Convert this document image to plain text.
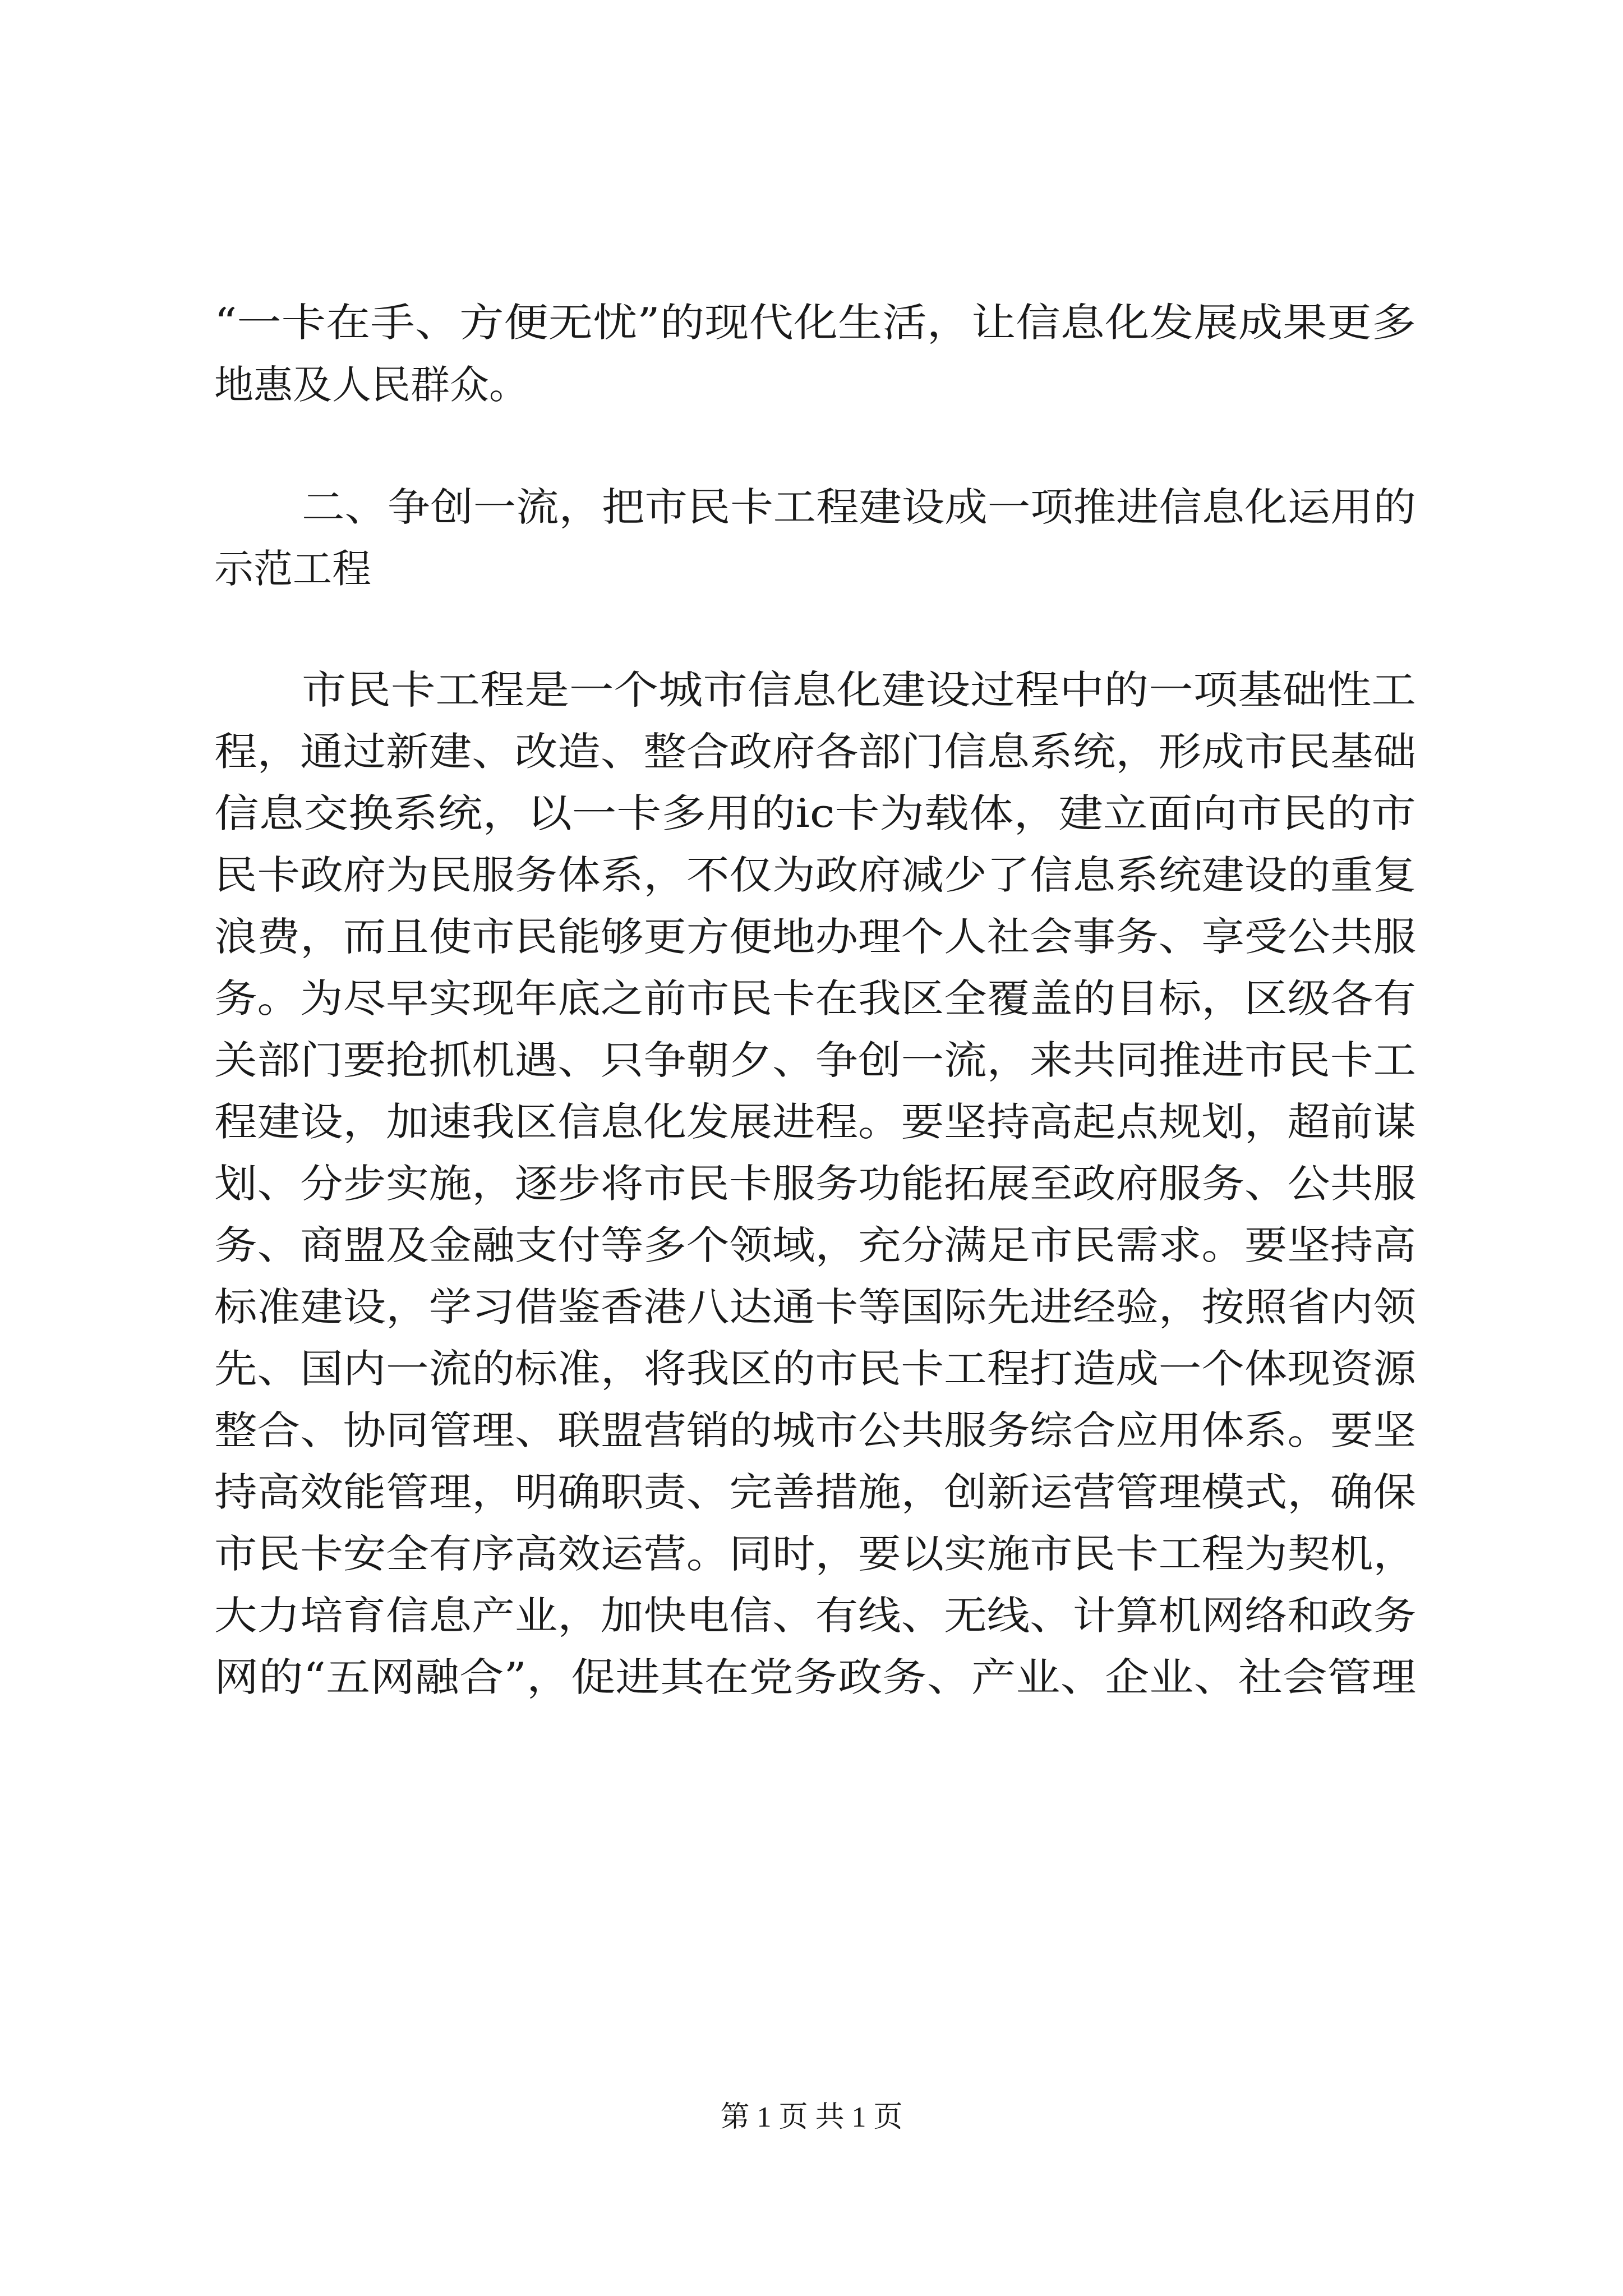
“一卡在手、方便无忧”的现代化生活，让信息化发展成果更多
地惠及人民群众。
二、争创一流，把市民卡工程建设成一项推进信息化运用的
示范工程
市民卡工程是一个城市信息化建设过程中的一项基础性工
程，通过新建、改造、整合政府各部门信息系统，形成市民基础
信息交换系统，以一卡多用的ic卡为载体，建立面向市民的市
民卡政府为民服务体系，不仅为政府减少了信息系统建设的重复
浪费，而且使市民能够更方便地办理个人社会事务、享受公共服
务。为尽早实现年底之前市民卡在我区全覆盖的目标，区级各有
关部门要抢抓机遇、只争朝夕、争创一流，来共同推进市民卡工
程建设，加速我区信息化发展进程。要坚持高起点规划，超前谋
划、分步实施，逐步将市民卡服务功能拓展至政府服务、公共服
务、商盟及金融支付等多个领域，充分满足市民需求。要坚持高
标准建设，学习借鉴香港八达通卡等国际先进经验，按照省内领
先、国内一流的标准，将我区的市民卡工程打造成一个体现资源
整合、协同管理、联盟营销的城市公共服务综合应用体系。要坚
持高效能管理，明确职责、完善措施，创新运营管理模式，确保
市民卡安全有序高效运营。同时，要以实施市民卡工程为契机，
大力培育信息产业，加快电信、有线、无线、计算机网络和政务
网的“五网融合”，促进其在党务政务、产业、企业、社会管理
第 1 页 共 1 页
